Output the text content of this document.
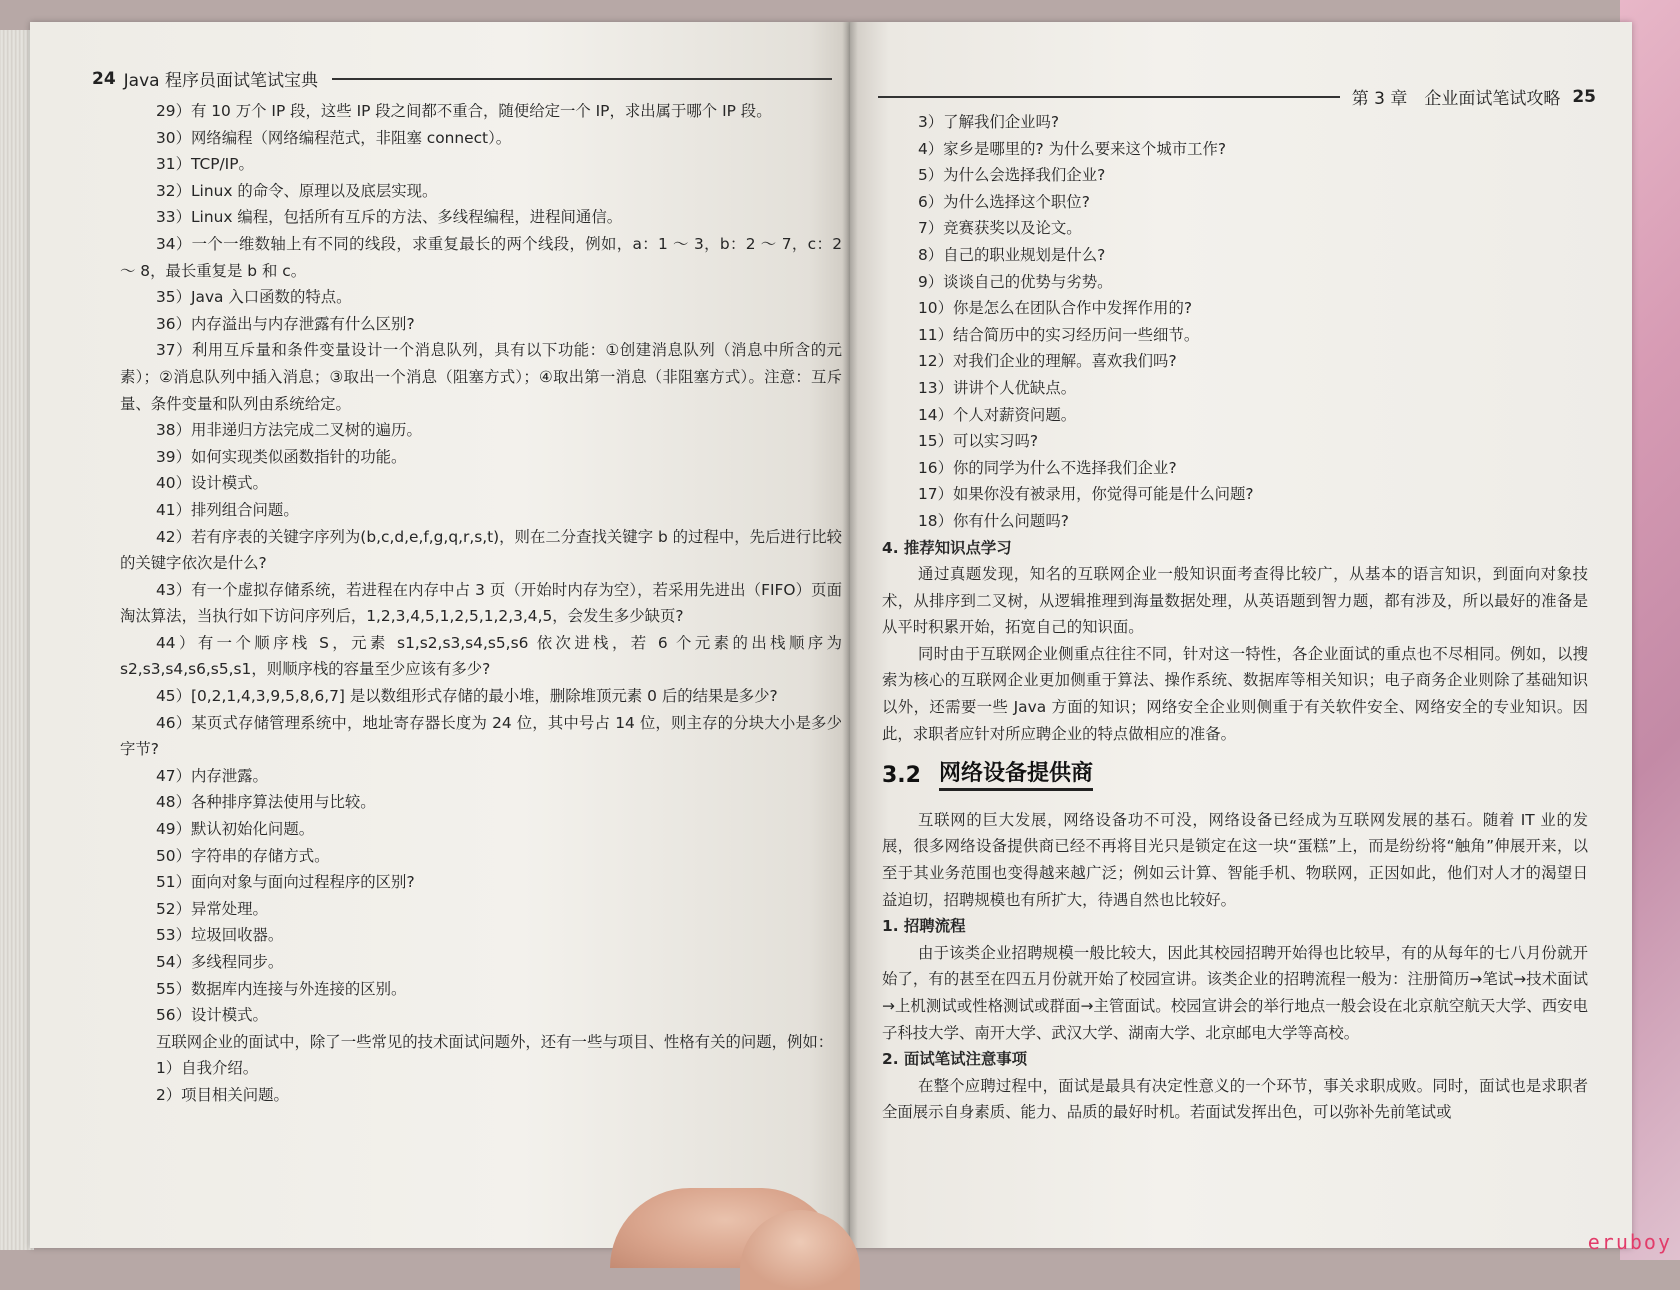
24 Java 程序员面试笔试宝典

29）有 10 万个 IP 段，这些 IP 段之间都不重合，随便给定一个 IP，求出属于哪个 IP 段。

30）网络编程（网络编程范式，非阻塞 connect）。

31）TCP/IP。

32）Linux 的命令、原理以及底层实现。

33）Linux 编程，包括所有互斥的方法、多线程编程，进程间通信。

34）一个一维数轴上有不同的线段，求重复最长的两个线段，例如，a：1 ～ 3，b：2 ～ 7，c：2 ～ 8，最长重复是 b 和 c。

35）Java 入口函数的特点。

36）内存溢出与内存泄露有什么区别?

37）利用互斥量和条件变量设计一个消息队列，具有以下功能：①创建消息队列（消息中所含的元素）；②消息队列中插入消息；③取出一个消息（阻塞方式）；④取出第一消息（非阻塞方式）。注意：互斥量、条件变量和队列由系统给定。

38）用非递归方法完成二叉树的遍历。

39）如何实现类似函数指针的功能。

40）设计模式。

41）排列组合问题。

42）若有序表的关键字序列为(b,c,d,e,f,g,q,r,s,t)，则在二分查找关键字 b 的过程中，先后进行比较的关键字依次是什么?

43）有一个虚拟存储系统，若进程在内存中占 3 页（开始时内存为空），若采用先进出（FIFO）页面淘汰算法，当执行如下访问序列后，1,2,3,4,5,1,2,5,1,2,3,4,5，会发生多少缺页?

44）有一个顺序栈 S，元素 s1,s2,s3,s4,s5,s6 依次进栈，若 6 个元素的出栈顺序为 s2,s3,s4,s6,s5,s1，则顺序栈的容量至少应该有多少?

45）[0,2,1,4,3,9,5,8,6,7] 是以数组形式存储的最小堆，删除堆顶元素 0 后的结果是多少?

46）某页式存储管理系统中，地址寄存器长度为 24 位，其中号占 14 位，则主存的分块大小是多少字节?

47）内存泄露。

48）各种排序算法使用与比较。

49）默认初始化问题。

50）字符串的存储方式。

51）面向对象与面向过程程序的区别?

52）异常处理。

53）垃圾回收器。

54）多线程同步。

55）数据库内连接与外连接的区别。

56）设计模式。

互联网企业的面试中，除了一些常见的技术面试问题外，还有一些与项目、性格有关的问题，例如：

1）自我介绍。

2）项目相关问题。

第 3 章　企业面试笔试攻略 25

3）了解我们企业吗?

4）家乡是哪里的? 为什么要来这个城市工作?

5）为什么会选择我们企业?

6）为什么选择这个职位?

7）竞赛获奖以及论文。

8）自己的职业规划是什么?

9）谈谈自己的优势与劣势。

10）你是怎么在团队合作中发挥作用的?

11）结合简历中的实习经历问一些细节。

12）对我们企业的理解。喜欢我们吗?

13）讲讲个人优缺点。

14）个人对薪资问题。

15）可以实习吗?

16）你的同学为什么不选择我们企业?

17）如果你没有被录用，你觉得可能是什么问题?

18）你有什么问题吗?

4. 推荐知识点学习

通过真题发现，知名的互联网企业一般知识面考查得比较广，从基本的语言知识，到面向对象技术，从排序到二叉树，从逻辑推理到海量数据处理，从英语题到智力题，都有涉及，所以最好的准备是从平时积累开始，拓宽自己的知识面。

同时由于互联网企业侧重点往往不同，针对这一特性，各企业面试的重点也不尽相同。例如，以搜索为核心的互联网企业更加侧重于算法、操作系统、数据库等相关知识；电子商务企业则除了基础知识以外，还需要一些 Java 方面的知识；网络安全企业则侧重于有关软件安全、网络安全的专业知识。因此，求职者应针对所应聘企业的特点做相应的准备。

3.2 网络设备提供商

互联网的巨大发展，网络设备功不可没，网络设备已经成为互联网发展的基石。随着 IT 业的发展，很多网络设备提供商已经不再将目光只是锁定在这一块“蛋糕”上，而是纷纷将“触角”伸展开来，以至于其业务范围也变得越来越广泛；例如云计算、智能手机、物联网，正因如此，他们对人才的渴望日益迫切，招聘规模也有所扩大，待遇自然也比较好。

1. 招聘流程

由于该类企业招聘规模一般比较大，因此其校园招聘开始得也比较早，有的从每年的七八月份就开始了，有的甚至在四五月份就开始了校园宣讲。该类企业的招聘流程一般为：注册简历→笔试→技术面试→上机测试或性格测试或群面→主管面试。校园宣讲会的举行地点一般会设在北京航空航天大学、西安电子科技大学、南开大学、武汉大学、湖南大学、北京邮电大学等高校。

2. 面试笔试注意事项

在整个应聘过程中，面试是最具有决定性意义的一个环节，事关求职成败。同时，面试也是求职者全面展示自身素质、能力、品质的最好时机。若面试发挥出色，可以弥补先前笔试或

eruboy
